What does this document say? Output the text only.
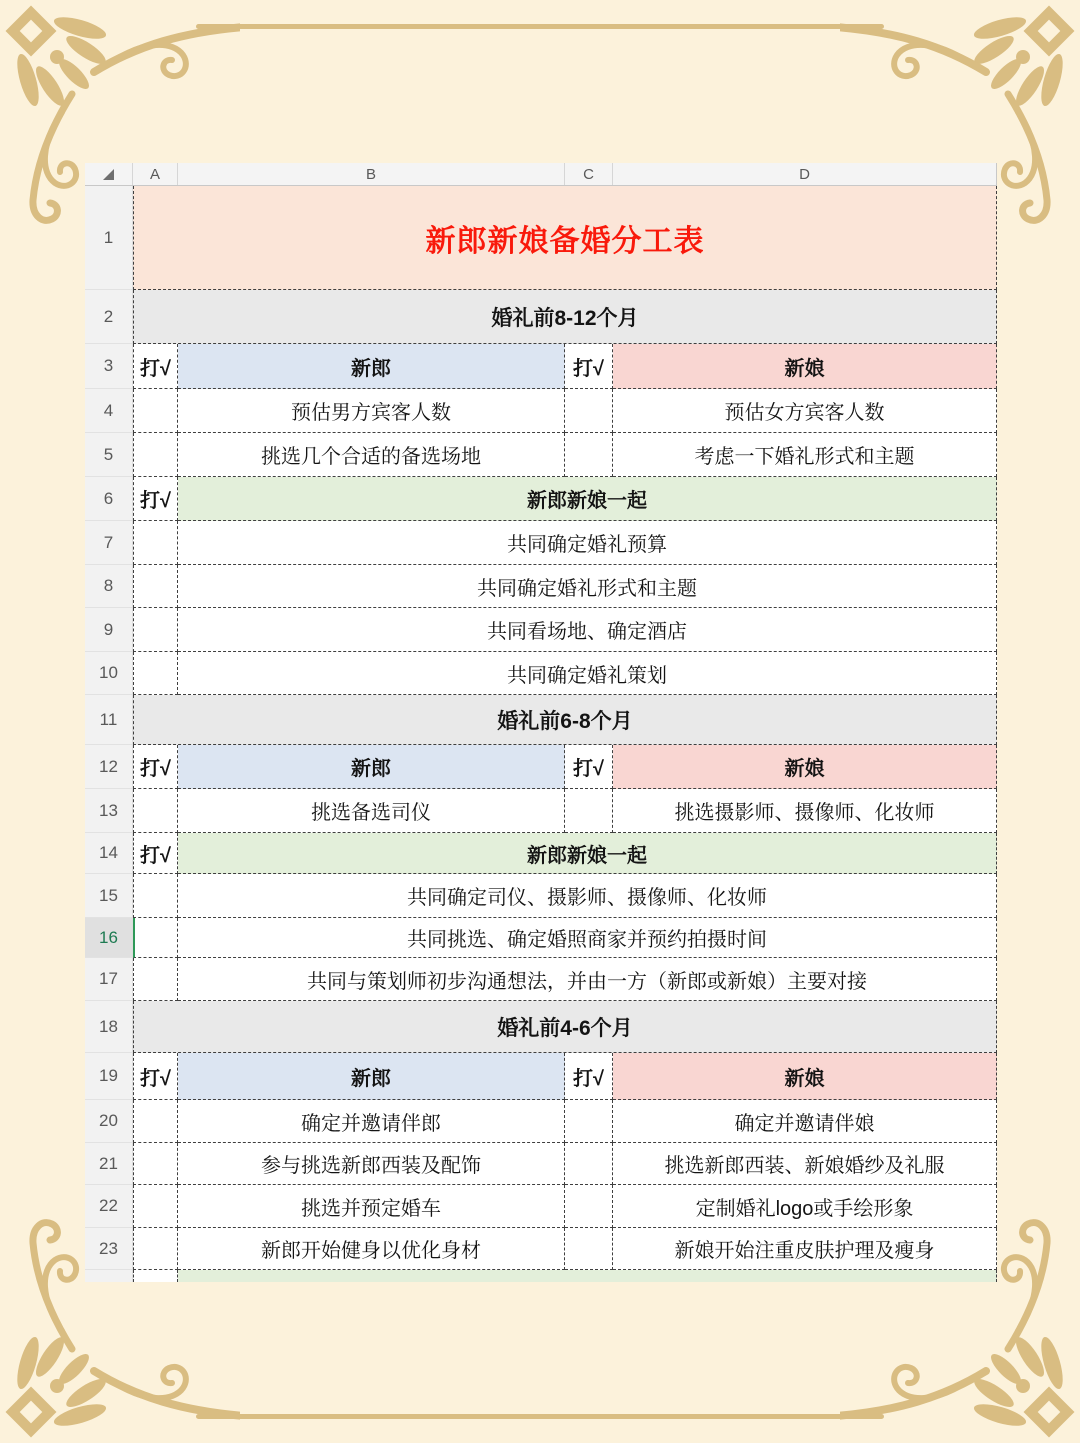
A	B	C	D
1	新郎新娘备婚分工表
2	婚礼前8-12个月
3	打√	新郎	打√	新娘
4	预估男方宾客人数	预估女方宾客人数
5	挑选几个合适的备选场地	考虑一下婚礼形式和主题
6	打√	新郎新娘一起
7	共同确定婚礼预算
8	共同确定婚礼形式和主题
9	共同看场地、确定酒店
10	共同确定婚礼策划
11	婚礼前6-8个月
12	打√	新郎	打√	新娘
13	挑选备选司仪	挑选摄影师、摄像师、化妆师
14	打√	新郎新娘一起
15	共同确定司仪、摄影师、摄像师、化妆师
16	共同挑选、确定婚照商家并预约拍摄时间
17	共同与策划师初步沟通想法，并由一方（新郎或新娘）主要对接
18	婚礼前4-6个月
19	打√	新郎	打√	新娘
20	确定并邀请伴郎	确定并邀请伴娘
21	参与挑选新郎西装及配饰	挑选新郎西装、新娘婚纱及礼服
22	挑选并预定婚车	定制婚礼logo或手绘形象
23	新郎开始健身以优化身材	新娘开始注重皮肤护理及瘦身
